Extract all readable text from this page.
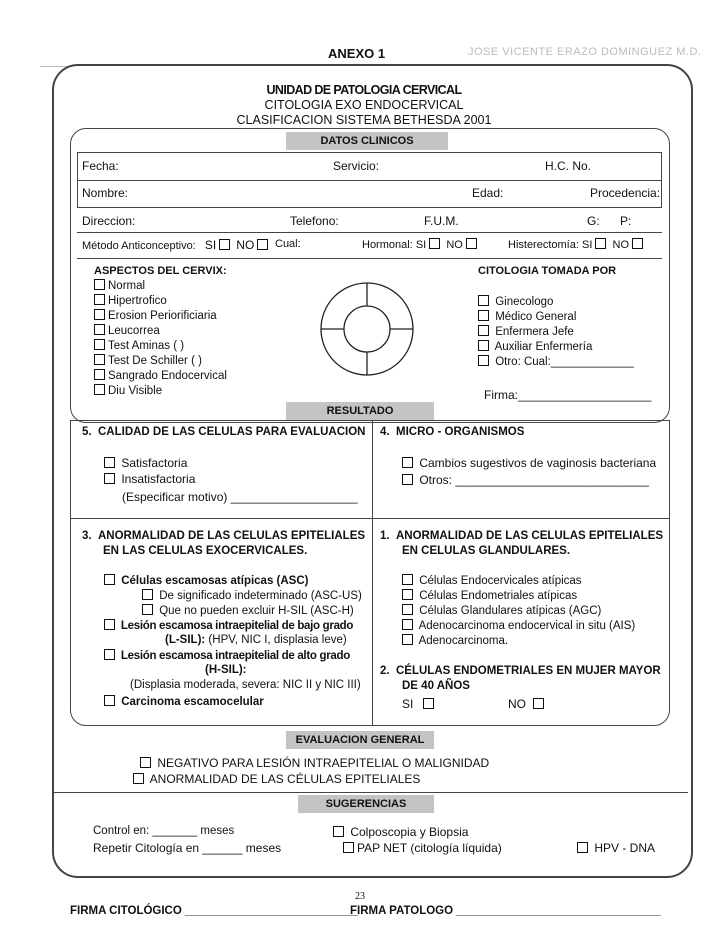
ANEXO 1	JOSE VICENTE ERAZO DOMINGUEZ M.D.
UNIDAD DE PATOLOGIA CERVICAL
CITOLOGIA EXO ENDOCERVICAL
CLASIFICACION SISTEMA BETHESDA 2001
DATOS CLINICOS
Fecha:	Servicio:	H.C. No.
Nombre:	Edad:	Procedencia:
Direccion:	Telefono:	F.U.M.	G: P:
Método Anticonceptivo: SI NO	Cual:	Hormonal: SI NO	Histerectomía: SI NO
ASPECTOS DEL CERVIX:
Normal
Hipertrofico
Erosion Periorificiaria
Leucorrea
Test Aminas ( )
Test De Schiller ( )
Sangrado Endocervical
Diu Visible
CITOLOGIA TOMADA POR
Ginecologo
Médico General
Enfermera Jefe
Auxiliar Enfermería
Otro: Cual:_____________
Firma:____________________
RESULTADO
5. CALIDAD DE LAS CELULAS PARA EVALUACION
Satisfactoria
Insatisfactoria
(Especificar motivo) ___________________
4. MICRO - ORGANISMOS
Cambios sugestivos de vaginosis bacteriana
Otros: _____________________________
3. ANORMALIDAD DE LAS CELULAS EPITELIALES
EN LAS CELULAS EXOCERVICALES.
Células escamosas atípicas (ASC)
De significado indeterminado (ASC-US)
Que no pueden excluir H-SIL (ASC-H)
Lesión escamosa intraepitelial de bajo grado
(L-SIL): (HPV, NIC I, displasia leve)
Lesión escamosa intraepitelial de alto grado
(H-SIL):
(Displasia moderada, severa: NIC II y NIC III)
Carcinoma escamocelular
1. ANORMALIDAD DE LAS CELULAS EPITELIALES
EN CELULAS GLANDULARES.
Células Endocervicales atípicas
Células Endometriales atípicas
Células Glandulares atípicas (AGC)
Adenocarcinoma endocervical in situ (AIS)
Adenocarcinoma.
2. CÉLULAS ENDOMETRIALES EN MUJER MAYOR
DE 40 AÑOS
SI	NO
EVALUACION GENERAL
NEGATIVO PARA LESIÓN INTRAEPITELIAL O MALIGNIDAD
ANORMALIDAD DE LAS CÉLULAS EPITELIALES
SUGERENCIAS
Control en: _______ meses
Repetir Citología en ______ meses
Colposcopia y Biopsia
PAP NET (citología líquida)	HPV - DNA
23
FIRMA CITOLÓGICO ___________________________
FIRMA PATOLOGO ________________________________
